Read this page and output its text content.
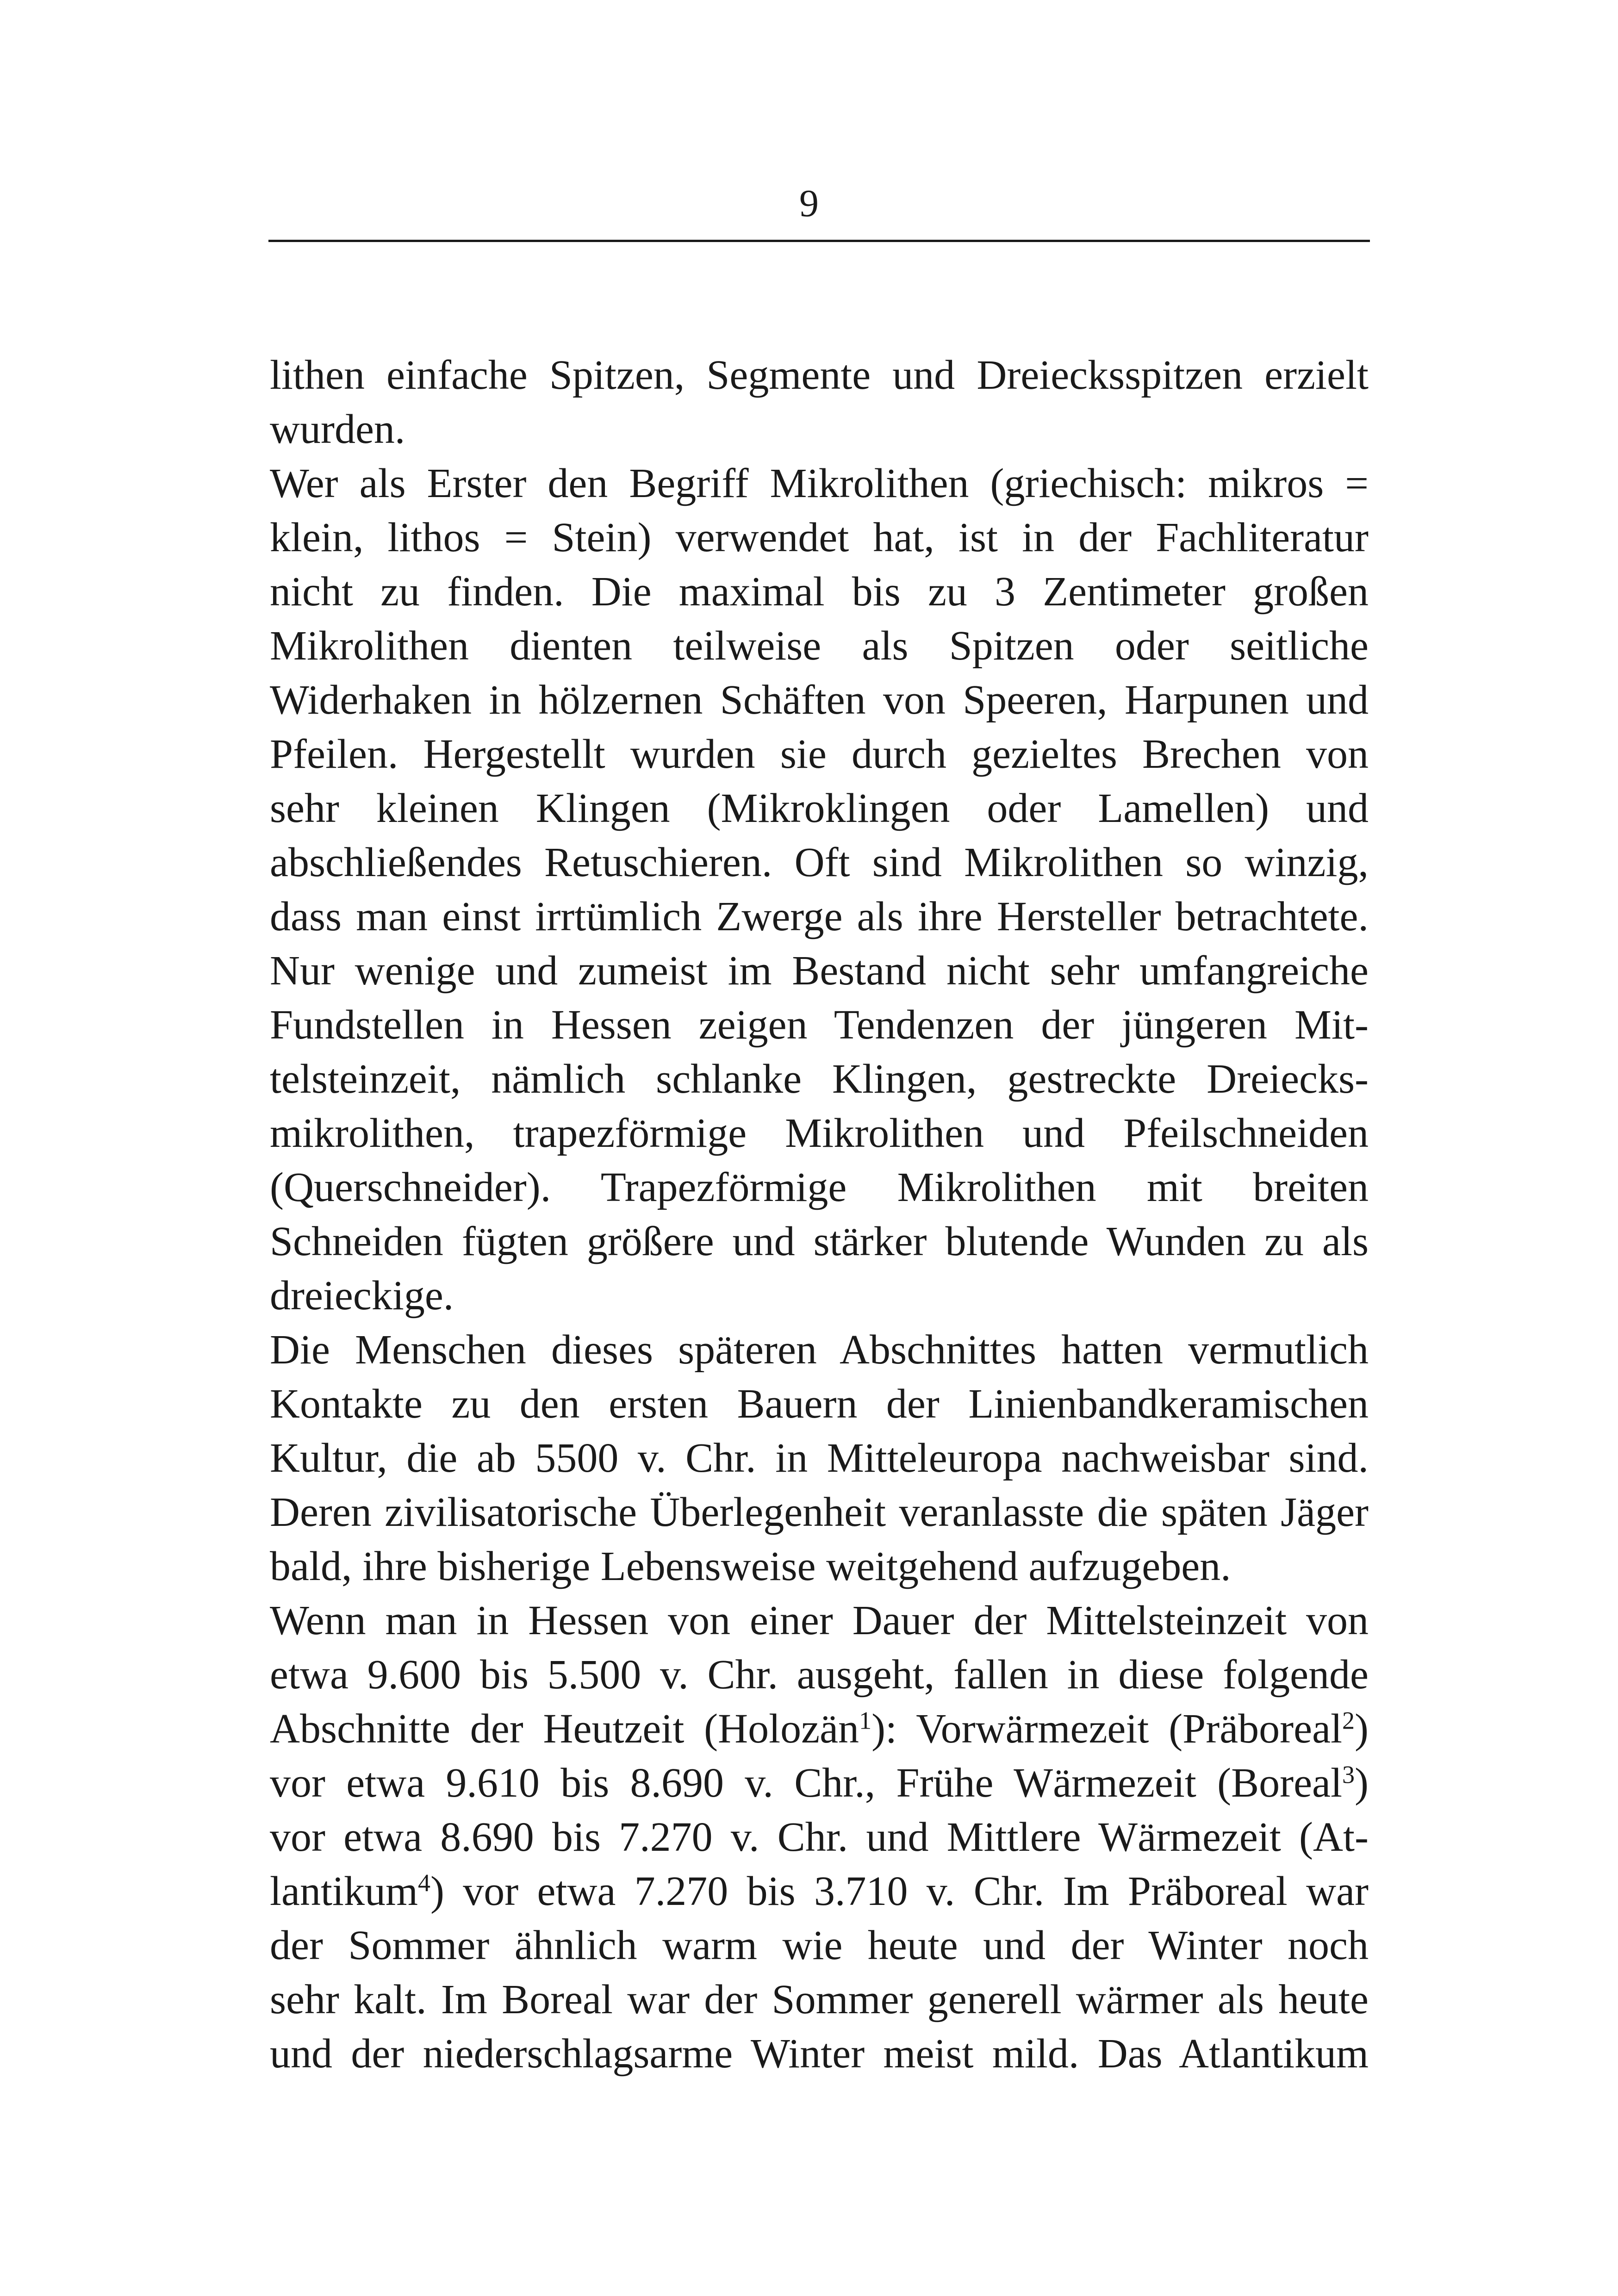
9
lithen einfache Spitzen, Segmente und Dreiecksspitzen erzielt
wurden.
Wer als Erster den Begriff Mikrolithen (griechisch: mikros =
klein, lithos = Stein) verwendet hat, ist in der Fachliteratur
nicht zu finden. Die maximal bis zu 3 Zentimeter großen
Mikrolithen dienten teilweise als Spitzen oder seitliche
Widerhaken in hölzernen Schäften von Speeren, Harpunen und
Pfeilen. Hergestellt wurden sie durch gezieltes Brechen von
sehr kleinen Klingen (Mikroklingen oder Lamellen) und
abschließendes Retuschieren. Oft sind Mikrolithen so winzig,
dass man einst irrtümlich Zwerge als ihre Hersteller betrachtete.
Nur wenige und zumeist im Bestand nicht sehr umfangreiche
Fundstellen in Hessen zeigen Tendenzen der jüngeren Mit-
telsteinzeit, nämlich schlanke Klingen, gestreckte Dreiecks-
mikrolithen, trapezförmige Mikrolithen und Pfeilschneiden
(Querschneider). Trapezförmige Mikrolithen mit breiten
Schneiden fügten größere und stärker blutende Wunden zu als
dreieckige.
Die Menschen dieses späteren Abschnittes hatten vermutlich
Kontakte zu den ersten Bauern der Linienbandkeramischen
Kultur, die ab 5500 v. Chr. in Mitteleuropa nachweisbar sind.
Deren zivilisatorische Überlegenheit veranlasste die späten Jäger
bald, ihre bisherige Lebensweise weitgehend aufzugeben.
Wenn man in Hessen von einer Dauer der Mittelsteinzeit von
etwa 9.600 bis 5.500 v. Chr. ausgeht, fallen in diese folgende
Abschnitte der Heutzeit (Holozän$^1$): Vorwärmezeit (Präboreal$^2$)
vor etwa 9.610 bis 8.690 v. Chr., Frühe Wärmezeit (Boreal$^3$)
vor etwa 8.690 bis 7.270 v. Chr. und Mittlere Wärmezeit (At-
lantikum$^4$) vor etwa 7.270 bis 3.710 v. Chr. Im Präboreal war
der Sommer ähnlich warm wie heute und der Winter noch
sehr kalt. Im Boreal war der Sommer generell wärmer als heute
und der niederschlagsarme Winter meist mild. Das Atlantikum
